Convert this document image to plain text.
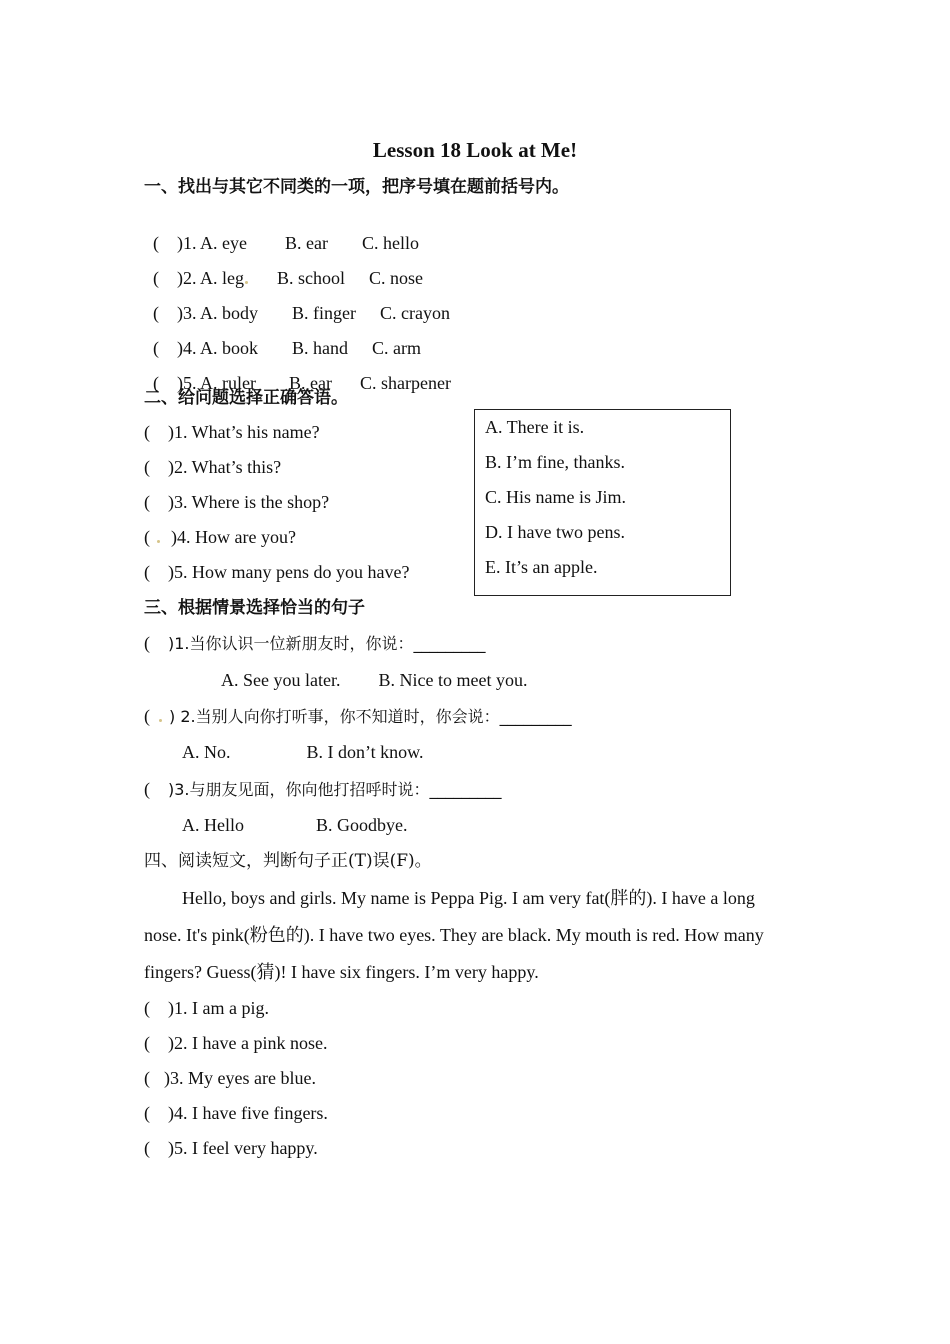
Lesson 18 Look at Me!
一、找出与其它不同类的一项，把序号填在题前括号内。

( )1. A. eye B. ear C. hello

( )2. A. leg B. school C. nose

( )3. A. body B. finger C. crayon

( )4. A. book B. hand C. arm

( )5. A. ruler B. ear C. sharpener

二、给问题选择正确答语。
( )1. What’s his name?
( )2. What’s this?
( )3. Where is the shop?
( )4. How are you?
( )5. How many pens do you have?
A. There it is.
B. I’m fine, thanks.
C. His name is Jim.
D. I have two pens.
E. It’s an apple.
三、根据情景选择恰当的句子
( )1.当你认识一位新朋友时，你说：_________
A. See you later. B. Nice to meet you.
( ) 2.当别人向你打听事，你不知道时，你会说：_________
A. No.	B. I don’t know.
( )3.与朋友见面，你向他打招呼时说：_________
A. Hello	B. Goodbye.
四、阅读短文，判断句子正(T)误(F)。
Hello, boys and girls. My name is Peppa Pig. I am very fat(胖的). I have a long
nose. It's pink(粉色的). I have two eyes. They are black. My mouth is red. How many
fingers? Guess(猜)! I have six fingers. I’m very happy.
( )1. I am a pig.
( )2. I have a pink nose.
( )3. My eyes are blue.
( )4. I have five fingers.
( )5. I feel very happy.
